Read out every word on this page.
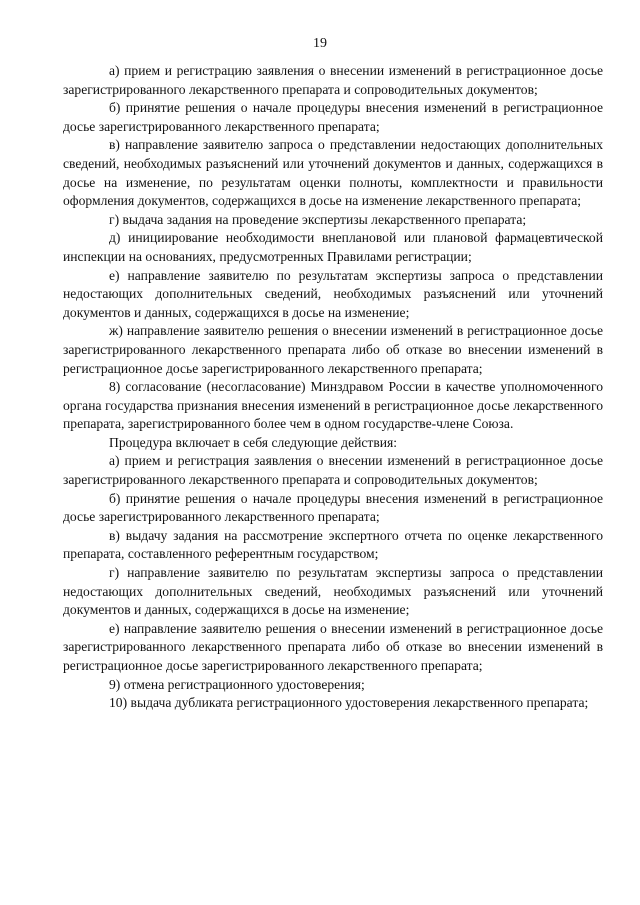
19

а) прием и регистрацию заявления о внесении изменений в регистрационное досье зарегистрированного лекарственного препарата и сопроводительных документов;

б) принятие решения о начале процедуры внесения изменений в регистрационное досье зарегистрированного лекарственного препарата;

в) направление заявителю запроса о представлении недостающих дополнительных сведений, необходимых разъяснений или уточнений документов и данных, содержащихся в досье на изменение, по результатам оценки полноты, комплектности и правильности оформления документов, содержащихся в досье на изменение лекарственного препарата;

г) выдача задания на проведение экспертизы лекарственного препарата;

д) инициирование необходимости внеплановой или плановой фармацевтической инспекции на основаниях, предусмотренных Правилами регистрации;

е) направление заявителю по результатам экспертизы запроса о представлении недостающих дополнительных сведений, необходимых разъяснений или уточнений документов и данных, содержащихся в досье на изменение;

ж) направление заявителю решения о внесении изменений в регистрационное досье зарегистрированного лекарственного препарата либо об отказе во внесении изменений в регистрационное досье зарегистрированного лекарственного препарата;

8) согласование (несогласование) Минздравом России в качестве уполномоченного органа государства признания внесения изменений в регистрационное досье лекарственного препарата, зарегистрированного более чем в одном государстве-члене Союза.

Процедура включает в себя следующие действия:

а) прием и регистрация заявления о внесении изменений в регистрационное досье зарегистрированного лекарственного препарата и сопроводительных документов;

б) принятие решения о начале процедуры внесения изменений в регистрационное досье зарегистрированного лекарственного препарата;

в) выдачу задания на рассмотрение экспертного отчета по оценке лекарственного препарата, составленного референтным государством;

г) направление заявителю по результатам экспертизы запроса о представлении недостающих дополнительных сведений, необходимых разъяснений или уточнений документов и данных, содержащихся в досье на изменение;

е) направление заявителю решения о внесении изменений в регистрационное досье зарегистрированного лекарственного препарата либо об отказе во внесении изменений в регистрационное досье зарегистрированного лекарственного препарата;

9) отмена регистрационного удостоверения;

10) выдача дубликата регистрационного удостоверения лекарственного препарата;
